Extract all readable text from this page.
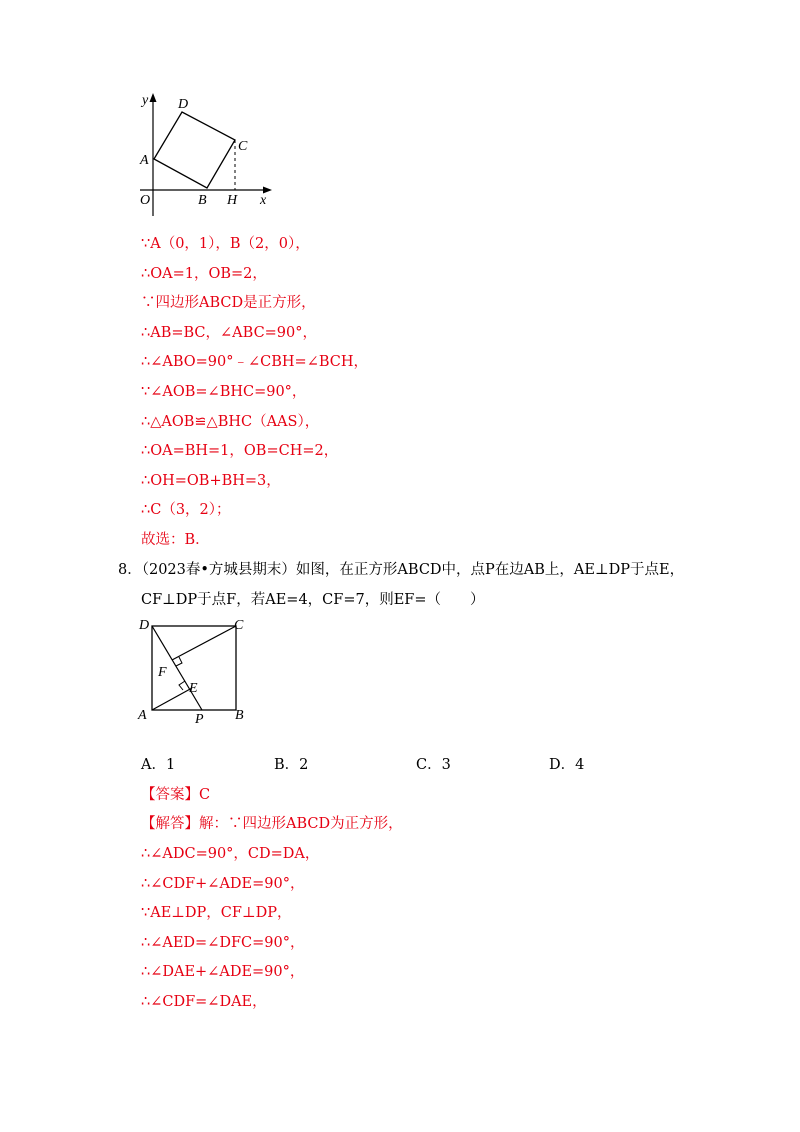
y
x
O
A
D
C
B H
∵A（0，1），B（2，0），
∴OA=1，OB=2，
∵四边形ABCD是正方形，
∴AB=BC，∠ABC=90°，
∴∠ABO=90°﹣∠CBH=∠BCH，
∵∠AOB=∠BHC=90°，
∴△AOB≌△BHC（AAS），
∴OA=BH=1，OB=CH=2，
∴OH=OB+BH=3，
∴C（3，2）；
故选：B．
8．（2023春•方城县期末）如图，在正方形ABCD中，点P在边AB上，AE⊥DP于点E，
CF⊥DP于点F，若AE=4，CF=7，则EF=（　　）
D	C
F
E
A	P B
A．1	B．2	C．3	D．4
【答案】C
【解答】解：∵四边形ABCD为正方形，
∴∠ADC=90°，CD=DA，
∴∠CDF+∠ADE=90°，
∵AE⊥DP，CF⊥DP，
∴∠AED=∠DFC=90°，
∴∠DAE+∠ADE=90°，
∴∠CDF=∠DAE，
